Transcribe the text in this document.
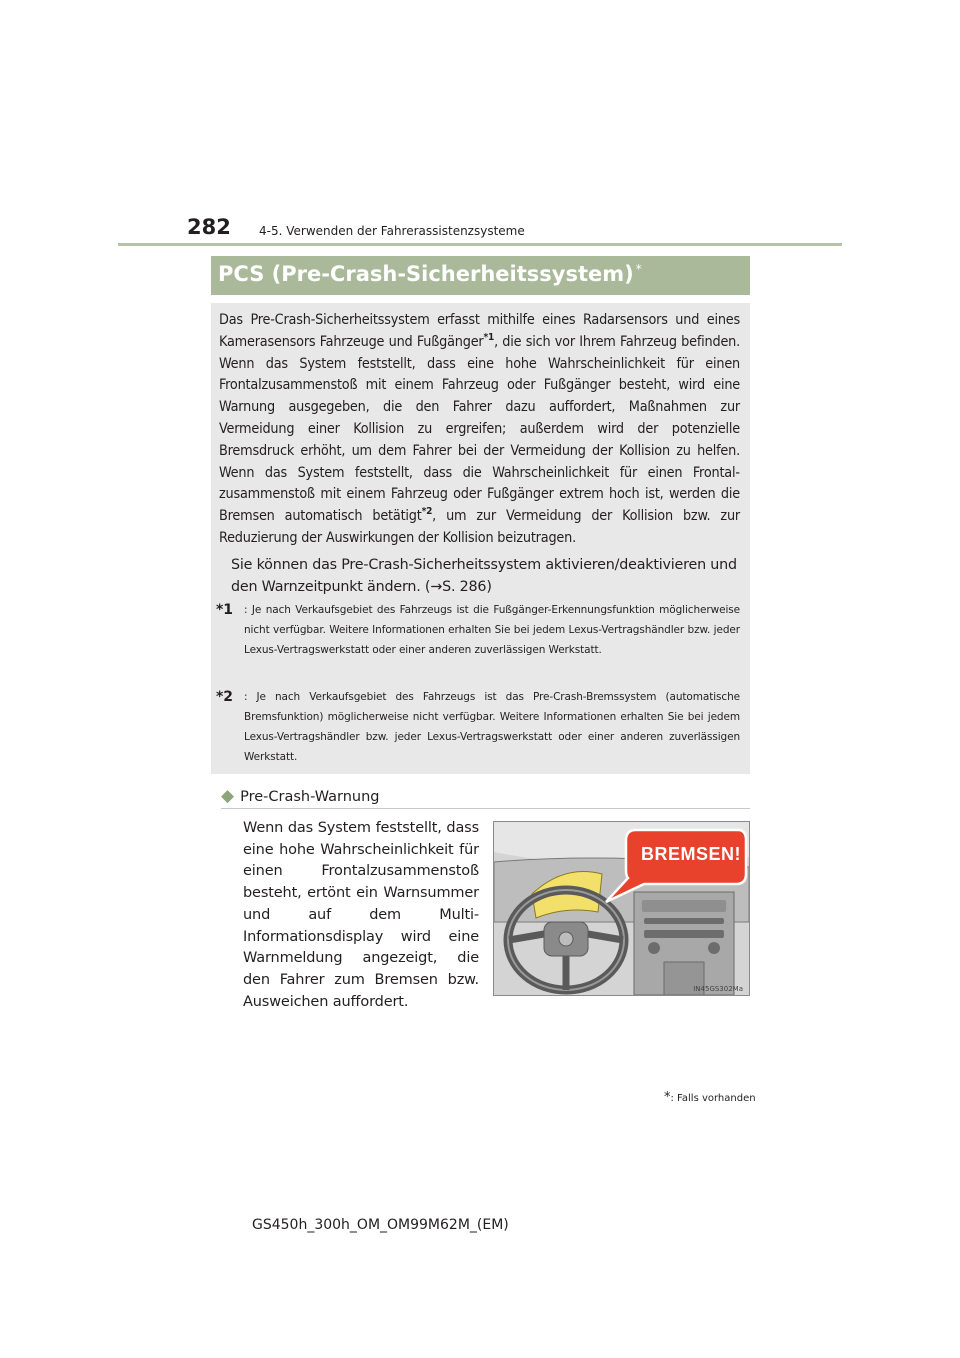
282 4-5. Verwenden der Fahrerassistenzsysteme
PCS (Pre-Crash-Sicherheitssystem) *
Das Pre-Crash-Sicherheitssystem erfasst mithilfe eines Radarsensors und eines Kamerasensors Fahrzeuge und Fußgänger$^{*1}$, die sich vor Ihrem Fahrzeug befinden. Wenn das System feststellt, dass eine hohe Wahrscheinlichkeit für einen Frontalzusammenstoß mit einem Fahrzeug oder Fußgänger besteht, wird eine Warnung ausgegeben, die den Fahrer dazu auffordert, Maßnahmen zur Vermeidung einer Kollision zu ergreifen; außerdem wird der potenzielle Bremsdruck erhöht, um dem Fahrer bei der Vermeidung der Kollision zu helfen. Wenn das System feststellt, dass die Wahrscheinlichkeit für einen Frontalzusammenstoß mit einem Fahrzeug oder Fußgänger extrem hoch ist, werden die Bremsen automatisch betätigt$^{*2}$, um zur Vermeidung der Kollision bzw. zur Reduzierung der Auswirkungen der Kollision beizutragen.
Sie können das Pre-Crash-Sicherheitssystem aktivieren/deaktivieren und den Warnzeitpunkt ändern. (→S. 286)
*1 : Je nach Verkaufsgebiet des Fahrzeugs ist die Fußgänger-Erkennungsfunktion möglicherweise nicht verfügbar. Weitere Informationen erhalten Sie bei jedem Lexus-Vertragshändler bzw. jeder Lexus-Vertragswerkstatt oder einer anderen zuverlässigen Werkstatt.
*2 : Je nach Verkaufsgebiet des Fahrzeugs ist das Pre-Crash-Bremssystem (automatische Bremsfunktion) möglicherweise nicht verfügbar. Weitere Informationen erhalten Sie bei jedem Lexus-Vertragshändler bzw. jeder Lexus-Vertragswerkstatt oder einer anderen zuverlässigen Werkstatt.
◆ Pre-Crash-Warnung
Wenn das System feststellt, dass eine hohe Wahrscheinlichkeit für einen Frontalzusammenstoß besteht, ertönt ein Warnsummer und auf dem Multi-Informationsdisplay wird eine Warnmeldung angezeigt, die den Fahrer zum Bremsen bzw. Ausweichen auffordert.
BREMSEN!
IN45GS302Ma
*: Falls vorhanden
GS450h_300h_OM_OM99M62M_(EM)
